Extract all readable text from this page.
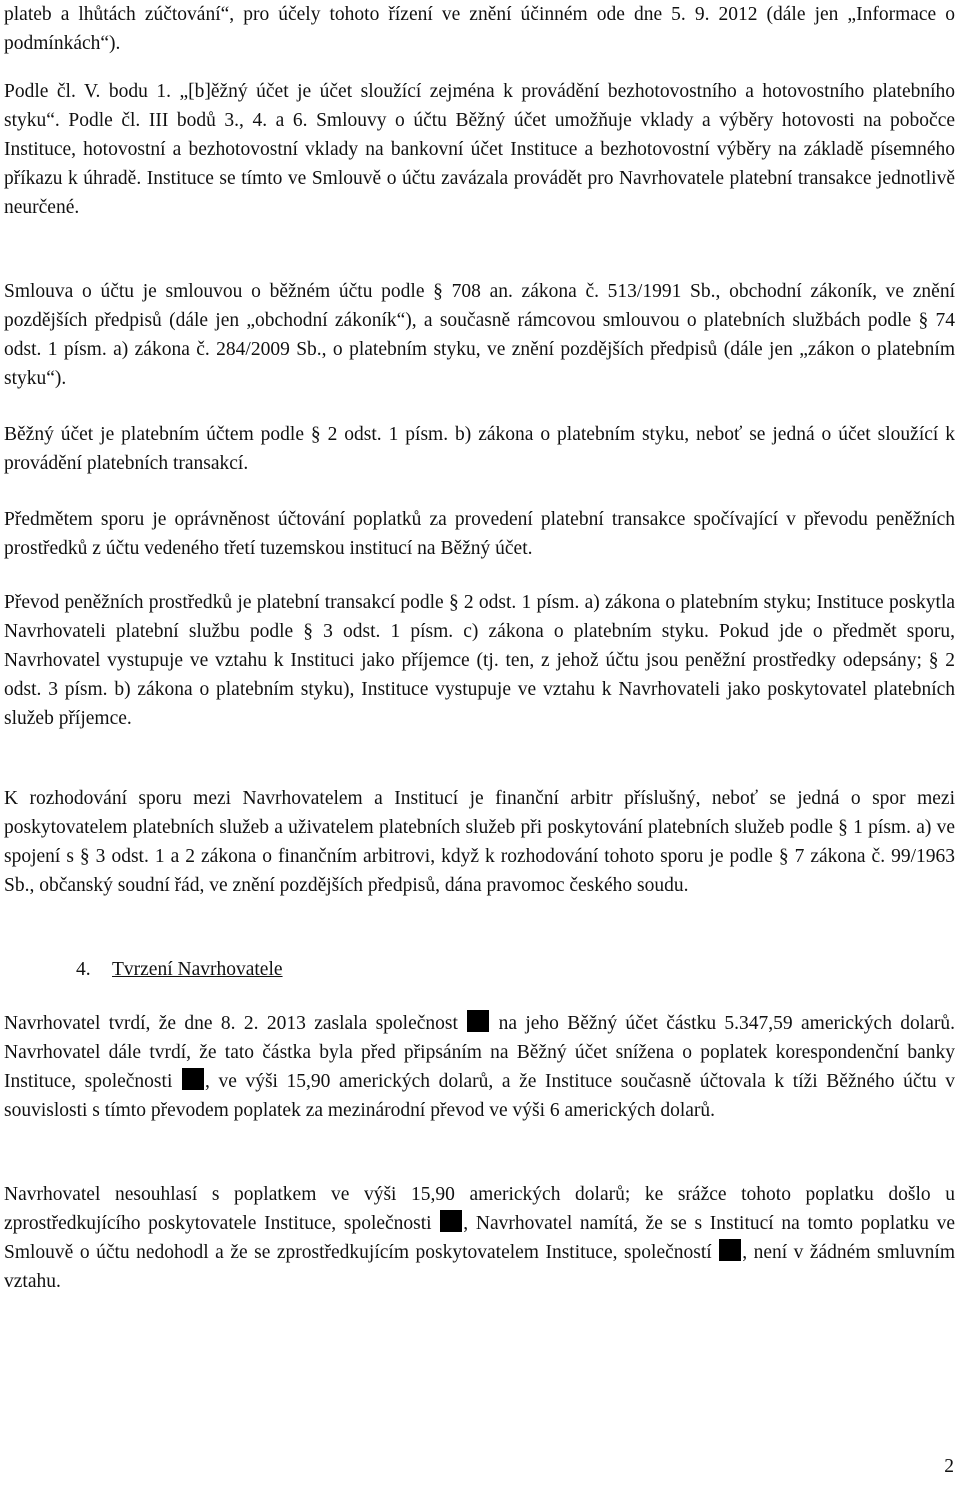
plateb a lhůtách zúčtování“, pro účely tohoto řízení ve znění účinném ode dne 5. 9. 2012 (dále jen „Informace o podmínkách“).

Podle čl. V. bodu 1. „[b]ěžný účet je účet sloužící zejména k provádění bezhotovostního a hotovostního platebního styku“. Podle čl. III bodů 3., 4. a 6. Smlouvy o účtu Běžný účet umožňuje vklady a výběry hotovosti na pobočce Instituce, hotovostní a bezhotovostní vklady na bankovní účet Instituce a bezhotovostní výběry na základě písemného příkazu k úhradě. Instituce se tímto ve Smlouvě o účtu zavázala provádět pro Navrhovatele platební transakce jednotlivě neurčené.

Smlouva o účtu je smlouvou o běžném účtu podle § 708 an. zákona č. 513/1991 Sb., obchodní zákoník, ve znění pozdějších předpisů (dále jen „obchodní zákoník“), a současně rámcovou smlouvou o platebních službách podle § 74 odst. 1 písm. a) zákona č. 284/2009 Sb., o platebním styku, ve znění pozdějších předpisů (dále jen „zákon o platebním styku“).

Běžný účet je platebním účtem podle § 2 odst. 1 písm. b) zákona o platebním styku, neboť se jedná o účet sloužící k provádění platebních transakcí.

Předmětem sporu je oprávněnost účtování poplatků za provedení platební transakce spočívající v převodu peněžních prostředků z účtu vedeného třetí tuzemskou institucí na Běžný účet.

Převod peněžních prostředků je platební transakcí podle § 2 odst. 1 písm. a) zákona o platebním styku; Instituce poskytla Navrhovateli platební službu podle § 3 odst. 1 písm. c) zákona o platebním styku. Pokud jde o předmět sporu, Navrhovatel vystupuje ve vztahu k Instituci jako příjemce (tj. ten, z jehož účtu jsou peněžní prostředky odepsány; § 2 odst. 3 písm. b) zákona o platebním styku), Instituce vystupuje ve vztahu k Navrhovateli jako poskytovatel platebních služeb příjemce.

K rozhodování sporu mezi Navrhovatelem a Institucí je finanční arbitr příslušný, neboť se jedná o spor mezi poskytovatelem platebních služeb a uživatelem platebních služeb při poskytování platebních služeb podle § 1 písm. a) ve spojení s § 3 odst. 1 a 2 zákona o finančním arbitrovi, když k rozhodování tohoto sporu je podle § 7 zákona č. 99/1963 Sb., občanský soudní řád, ve znění pozdějších předpisů, dána pravomoc českého soudu.

4. Tvrzení Navrhovatele

Navrhovatel tvrdí, že dne 8. 2. 2013 zaslala společnost  na jeho Běžný účet částku 5.347,59 amerických dolarů. Navrhovatel dále tvrdí, že tato částka byla před připsáním na Běžný účet snížena o poplatek korespondenční banky Instituce, společnosti , ve výši 15,90 amerických dolarů, a že Instituce současně účtovala k tíži Běžného účtu v souvislosti s tímto převodem poplatek za mezinárodní převod ve výši 6 amerických dolarů.

Navrhovatel nesouhlasí s poplatkem ve výši 15,90 amerických dolarů; ke srážce tohoto poplatku došlo u zprostředkujícího poskytovatele Instituce, společnosti , Navrhovatel namítá, že se s Institucí na tomto poplatku ve Smlouvě o účtu nedohodl a že se zprostředkujícím poskytovatelem Instituce, společností , není v žádném smluvním vztahu.

2
